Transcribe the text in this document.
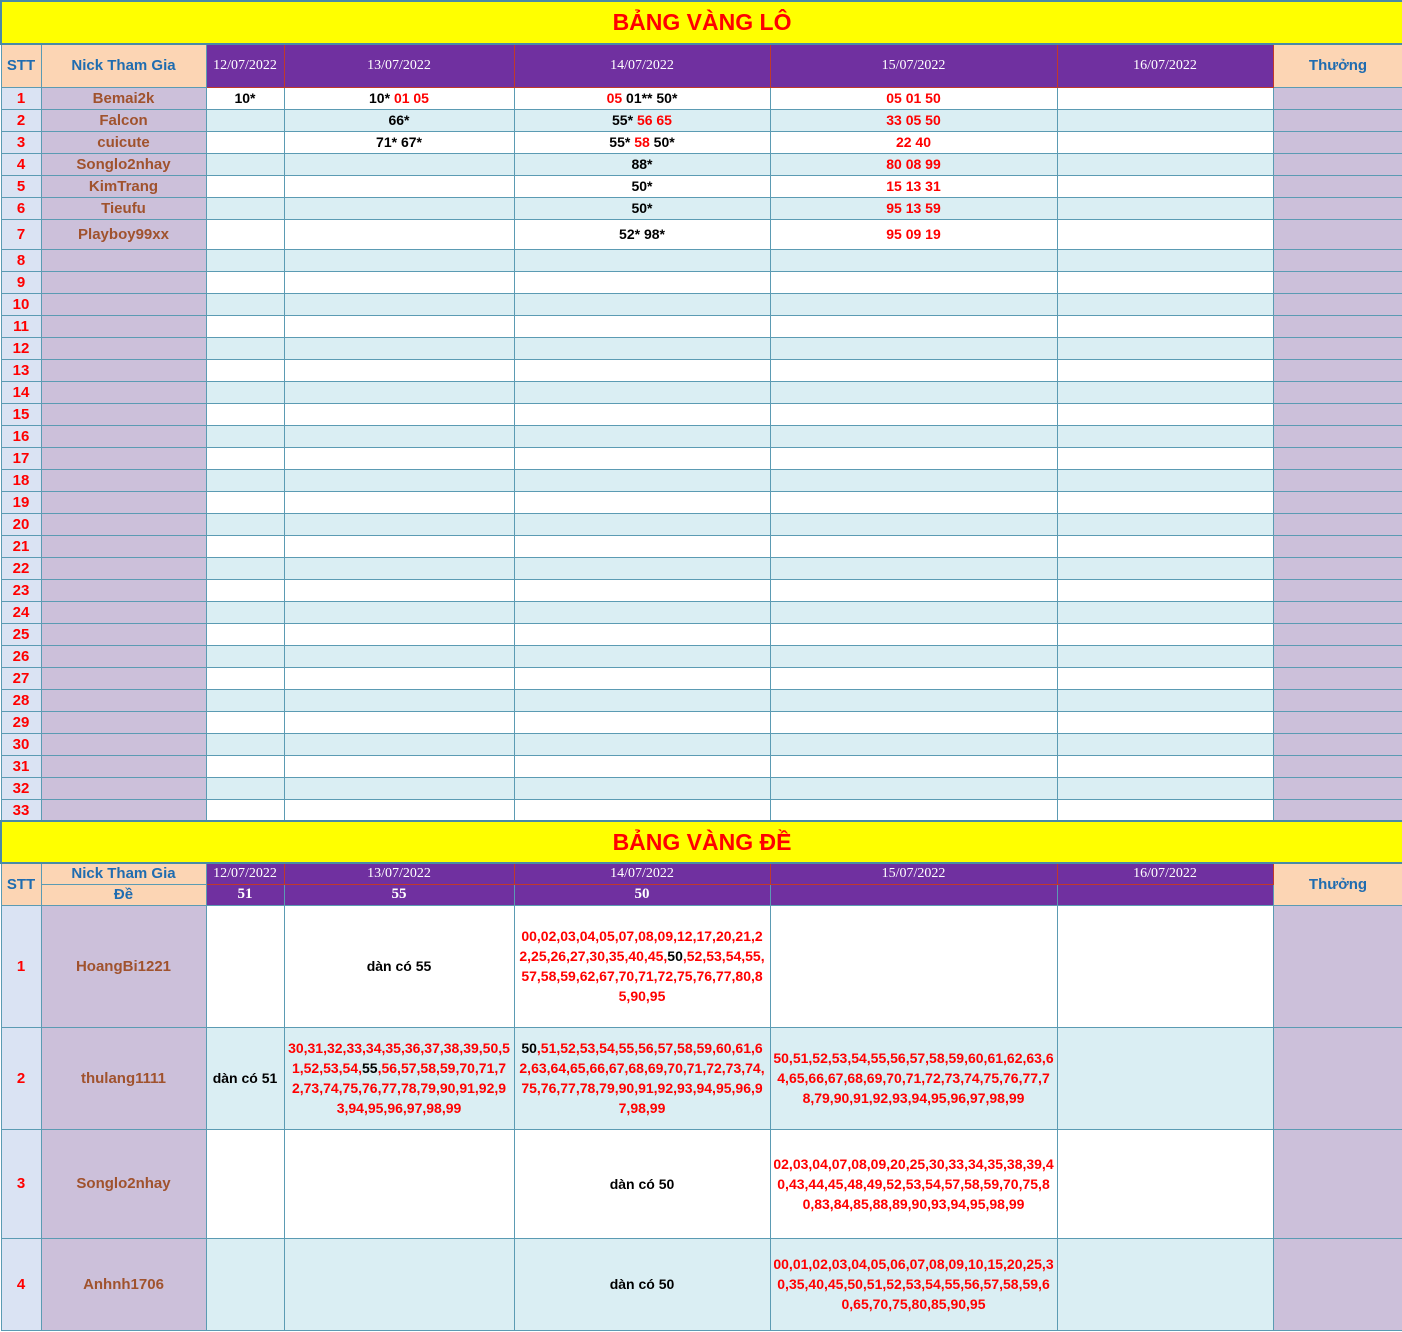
BẢNG VÀNG LÔ							
STT	Nick Tham Gia	12/07/2022	13/07/2022	14/07/2022	15/07/2022	16/07/2022	Thưởng
1	Bemai2k	10*	10* 01 05	05 01** 50*	05 01 50		
2	Falcon		66*	55* 56 65	33 05 50		
3	cuicute		71* 67*	55* 58 50*	22 40		
4	Songlo2nhay			88*	80 08 99		
5	KimTrang			50*	15 13 31		
6	Tieufu			50*	95 13 59		
7	Playboy99xx			52* 98*	95 09 19		
8							
9							
10							
11							
12							
13							
14							
15							
16							
17							
18							
19							
20							
21							
22							
23							
24							
25							
26							
27							
28							
29							
30							
31							
32							
33							
BẢNG VÀNG ĐỀ							
STT	Nick Tham Gia	12/07/2022	13/07/2022	14/07/2022	15/07/2022	16/07/2022	Thưởng
	Đề	51	55	50			
1	HoangBi1221		dàn có 55	00,02,03,04,05,07,08,09,12,17,20,21,22,25,26,27,30,35,40,45,50,52,53,54,55,57,58,59,62,67,70,71,72,75,76,77,80,85,90,95			
2	thulang1111	dàn có 51	30,31,32,33,34,35,36,37,38,39,50,51,52,53,54,55,56,57,58,59,70,71,72,73,74,75,76,77,78,79,90,91,92,93,94,95,96,97,98,99	50,51,52,53,54,55,56,57,58,59,60,61,62,63,64,65,66,67,68,69,70,71,72,73,74,75,76,77,78,79,90,91,92,93,94,95,96,97,98,99	50,51,52,53,54,55,56,57,58,59,60,61,62,63,64,65,66,67,68,69,70,71,72,73,74,75,76,77,78,79,90,91,92,93,94,95,96,97,98,99		
3	Songlo2nhay			dàn có 50	02,03,04,07,08,09,20,25,30,33,34,35,38,39,40,43,44,45,48,49,52,53,54,57,58,59,70,75,80,83,84,85,88,89,90,93,94,95,98,99		
4	Anhnh1706			dàn có 50	00,01,02,03,04,05,06,07,08,09,10,15,20,25,30,35,40,45,50,51,52,53,54,55,56,57,58,59,60,65,70,75,80,85,90,95		
